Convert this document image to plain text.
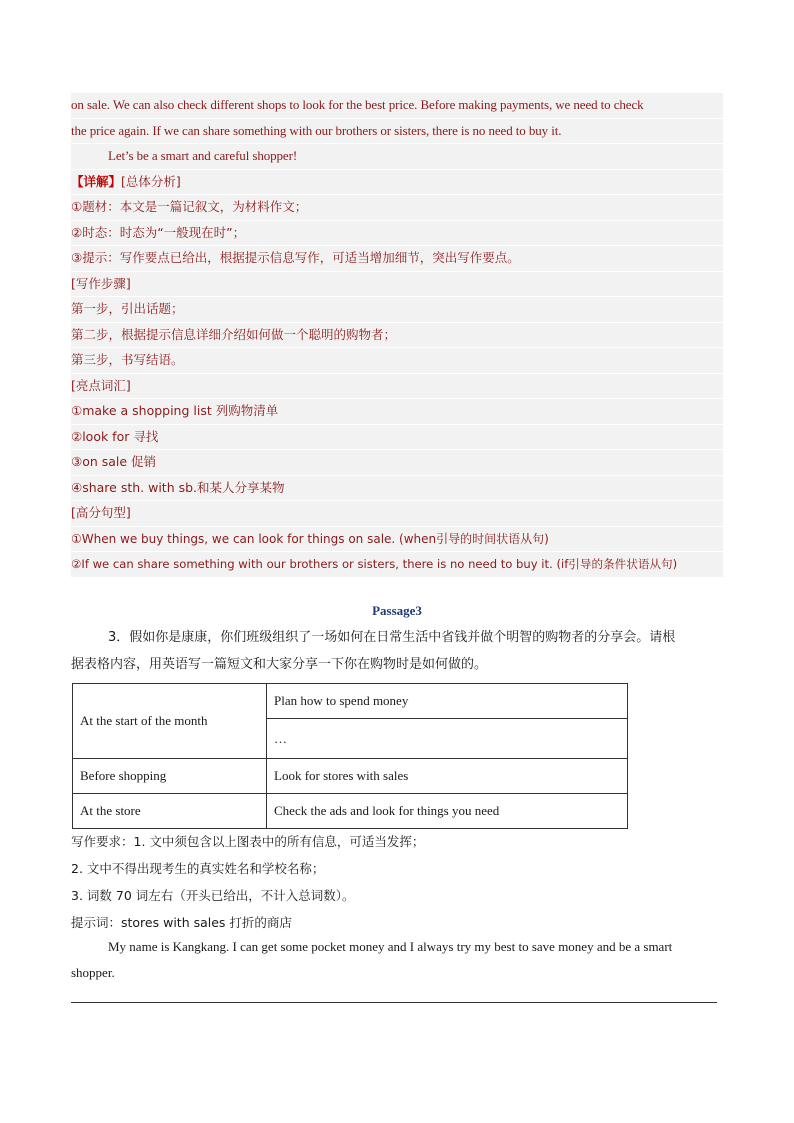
on sale. We can also check different shops to look for the best price. Before making payments, we need to check
the price again. If we can share something with our brothers or sisters, there is no need to buy it.
Let’s be a smart and careful shopper!
【详解】[总体分析]
①题材：本文是一篇记叙文，为材料作文；
②时态：时态为“一般现在时”；
③提示：写作要点已给出，根据提示信息写作，可适当增加细节，突出写作要点。
[写作步骤]
第一步，引出话题；
第二步，根据提示信息详细介绍如何做一个聪明的购物者；
第三步，书写结语。
[亮点词汇]
①make a shopping list 列购物清单
②look for 寻找
③on sale 促销
④share sth. with sb.和某人分享某物
[高分句型]
①When we buy things, we can look for things on sale. (when引导的时间状语从句)
②If we can share something with our brothers or sisters, there is no need to buy it. (if引导的条件状语从句)
Passage3
3．假如你是康康，你们班级组织了一场如何在日常生活中省钱并做个明智的购物者的分享会。请根
据表格内容，用英语写一篇短文和大家分享一下你在购物时是如何做的。
At the start of the month	Plan how to spend money
	…
Before shopping	Look for stores with sales
At the store	Check the ads and look for things you need
写作要求：1. 文中须包含以上图表中的所有信息，可适当发挥；
2. 文中不得出现考生的真实姓名和学校名称；
3. 词数 70 词左右（开头已给出，不计入总词数）。
提示词：stores with sales 打折的商店
My name is Kangkang. I can get some pocket money and I always try my best to save money and be a smart
shopper.
